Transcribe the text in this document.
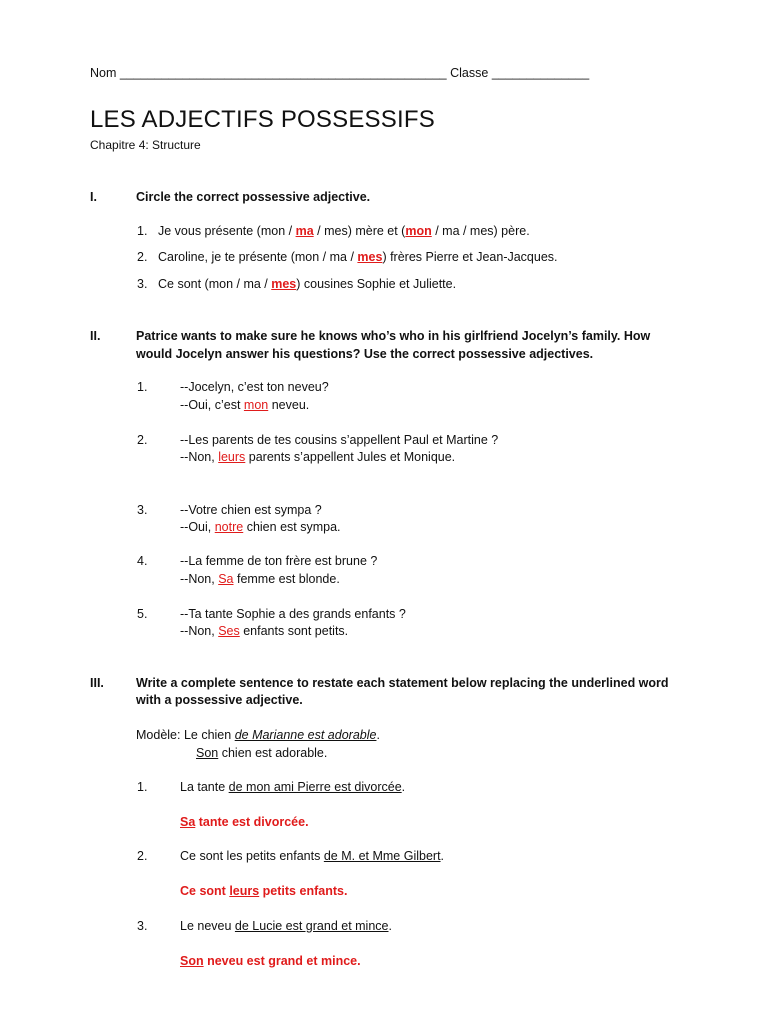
Nom _______________________________________________ Classe ______________
LES ADJECTIFS POSSESSIFS
Chapitre 4: Structure
I.	Circle the correct possessive adjective.
1. Je vous présente (mon / ma / mes) mère et (mon / ma / mes) père.
2. Caroline, je te présente (mon / ma / mes) frères Pierre et Jean-Jacques.
3. Ce sont (mon / ma / mes) cousines Sophie et Juliette.
II.	Patrice wants to make sure he knows who’s who in his girlfriend Jocelyn’s family. How
would Jocelyn answer his questions? Use the correct possessive adjectives.
1.	--Jocelyn, c’est ton neveu?
--Oui, c’est mon neveu.
2.	--Les parents de tes cousins s’appellent Paul et Martine ?
--Non, leurs parents s’appellent Jules et Monique.
3.	--Votre chien est sympa ?
--Oui, notre chien est sympa.
4.	--La femme de ton frère est brune ?
--Non, Sa femme est blonde.
5.	--Ta tante Sophie a des grands enfants ?
--Non, Ses enfants sont petits.
III.	Write a complete sentence to restate each statement below replacing the underlined word
with a possessive adjective.
Modèle: Le chien de Marianne est adorable.
Son chien est adorable.
1.	La tante de mon ami Pierre est divorcée.
Sa tante est divorcée.
2.	Ce sont les petits enfants de M. et Mme Gilbert.
Ce sont leurs petits enfants.
3.	Le neveu de Lucie est grand et mince.
Son neveu est grand et mince.
